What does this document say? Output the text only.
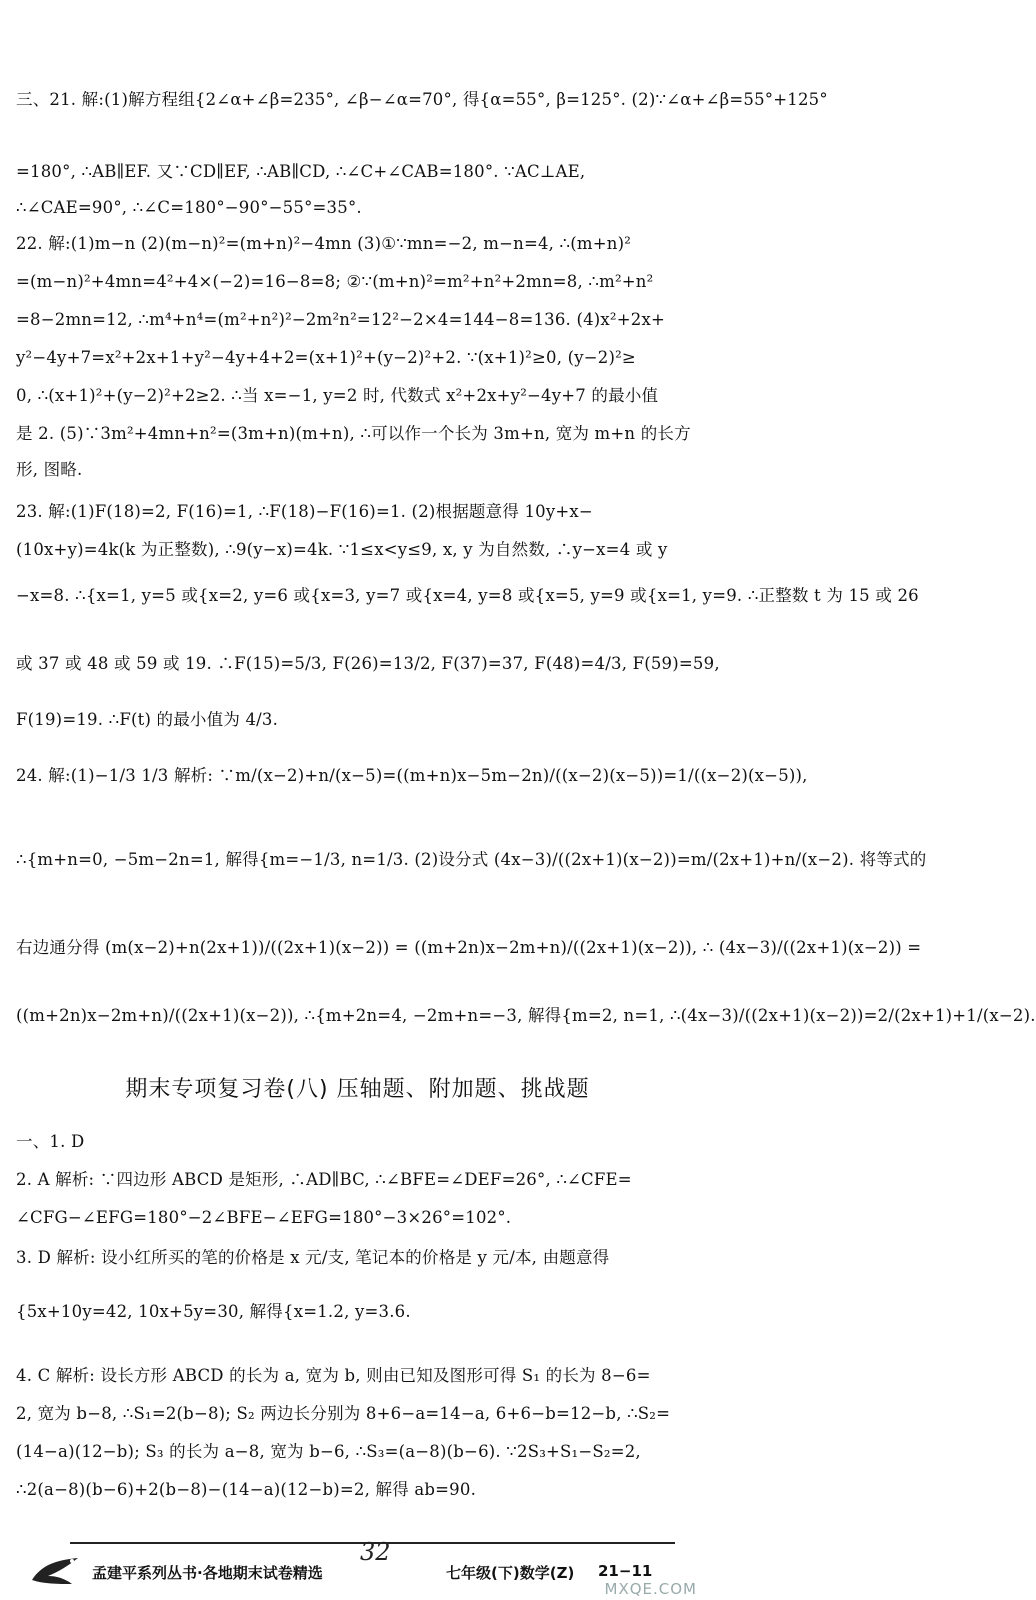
三、21. 解:(1)解方程组{2∠α+∠β=235°, ∠β−∠α=70°, 得{α=55°, β=125°. (2)∵∠α+∠β=55°+125°
=180°, ∴AB∥EF. 又∵CD∥EF, ∴AB∥CD, ∴∠C+∠CAB=180°. ∵AC⊥AE,
∴∠CAE=90°, ∴∠C=180°−90°−55°=35°.
22. 解:(1)m−n (2)(m−n)²=(m+n)²−4mn (3)①∵mn=−2, m−n=4, ∴(m+n)²
=(m−n)²+4mn=4²+4×(−2)=16−8=8; ②∵(m+n)²=m²+n²+2mn=8, ∴m²+n²
=8−2mn=12, ∴m⁴+n⁴=(m²+n²)²−2m²n²=12²−2×4=144−8=136. (4)x²+2x+
y²−4y+7=x²+2x+1+y²−4y+4+2=(x+1)²+(y−2)²+2. ∵(x+1)²≥0, (y−2)²≥
0, ∴(x+1)²+(y−2)²+2≥2. ∴当 x=−1, y=2 时, 代数式 x²+2x+y²−4y+7 的最小值
是 2. (5)∵3m²+4mn+n²=(3m+n)(m+n), ∴可以作一个长为 3m+n, 宽为 m+n 的长方
形, 图略.
23. 解:(1)F(18)=2, F(16)=1, ∴F(18)−F(16)=1. (2)根据题意得 10y+x−
(10x+y)=4k(k 为正整数), ∴9(y−x)=4k. ∵1≤x<y≤9, x, y 为自然数, ∴y−x=4 或 y
−x=8. ∴{x=1, y=5 或{x=2, y=6 或{x=3, y=7 或{x=4, y=8 或{x=5, y=9 或{x=1, y=9. ∴正整数 t 为 15 或 26
或 37 或 48 或 59 或 19. ∴F(15)=5/3, F(26)=13/2, F(37)=37, F(48)=4/3, F(59)=59,
F(19)=19. ∴F(t) 的最小值为 4/3.
24. 解:(1)−1/3 1/3 解析: ∵m/(x−2)+n/(x−5)=((m+n)x−5m−2n)/((x−2)(x−5))=1/((x−2)(x−5)),
∴{m+n=0, −5m−2n=1, 解得{m=−1/3, n=1/3. (2)设分式 (4x−3)/((2x+1)(x−2))=m/(2x+1)+n/(x−2). 将等式的
右边通分得 (m(x−2)+n(2x+1))/((2x+1)(x−2)) = ((m+2n)x−2m+n)/((2x+1)(x−2)), ∴ (4x−3)/((2x+1)(x−2)) =
((m+2n)x−2m+n)/((2x+1)(x−2)), ∴{m+2n=4, −2m+n=−3, 解得{m=2, n=1, ∴(4x−3)/((2x+1)(x−2))=2/(2x+1)+1/(x−2).
一、1. D
2. A 解析: ∵四边形 ABCD 是矩形, ∴AD∥BC, ∴∠BFE=∠DEF=26°, ∴∠CFE=
∠CFG−∠EFG=180°−2∠BFE−∠EFG=180°−3×26°=102°.
3. D 解析: 设小红所买的笔的价格是 x 元/支, 笔记本的价格是 y 元/本, 由题意得
{5x+10y=42, 10x+5y=30, 解得{x=1.2, y=3.6.
4. C 解析: 设长方形 ABCD 的长为 a, 宽为 b, 则由已知及图形可得 S₁ 的长为 8−6=
2, 宽为 b−8, ∴S₁=2(b−8); S₂ 两边长分别为 8+6−a=14−a, 6+6−b=12−b, ∴S₂=
(14−a)(12−b); S₃ 的长为 a−8, 宽为 b−6, ∴S₃=(a−8)(b−6). ∵2S₃+S₁−S₂=2,
∴2(a−8)(b−6)+2(b−8)−(14−a)(12−b)=2, 解得 ab=90.
期末专项复习卷(八) 压轴题、附加题、挑战题
32
孟建平系列丛书·各地期末试卷精选	七年级(下)数学(Z) 21−11
MXQE.COM
